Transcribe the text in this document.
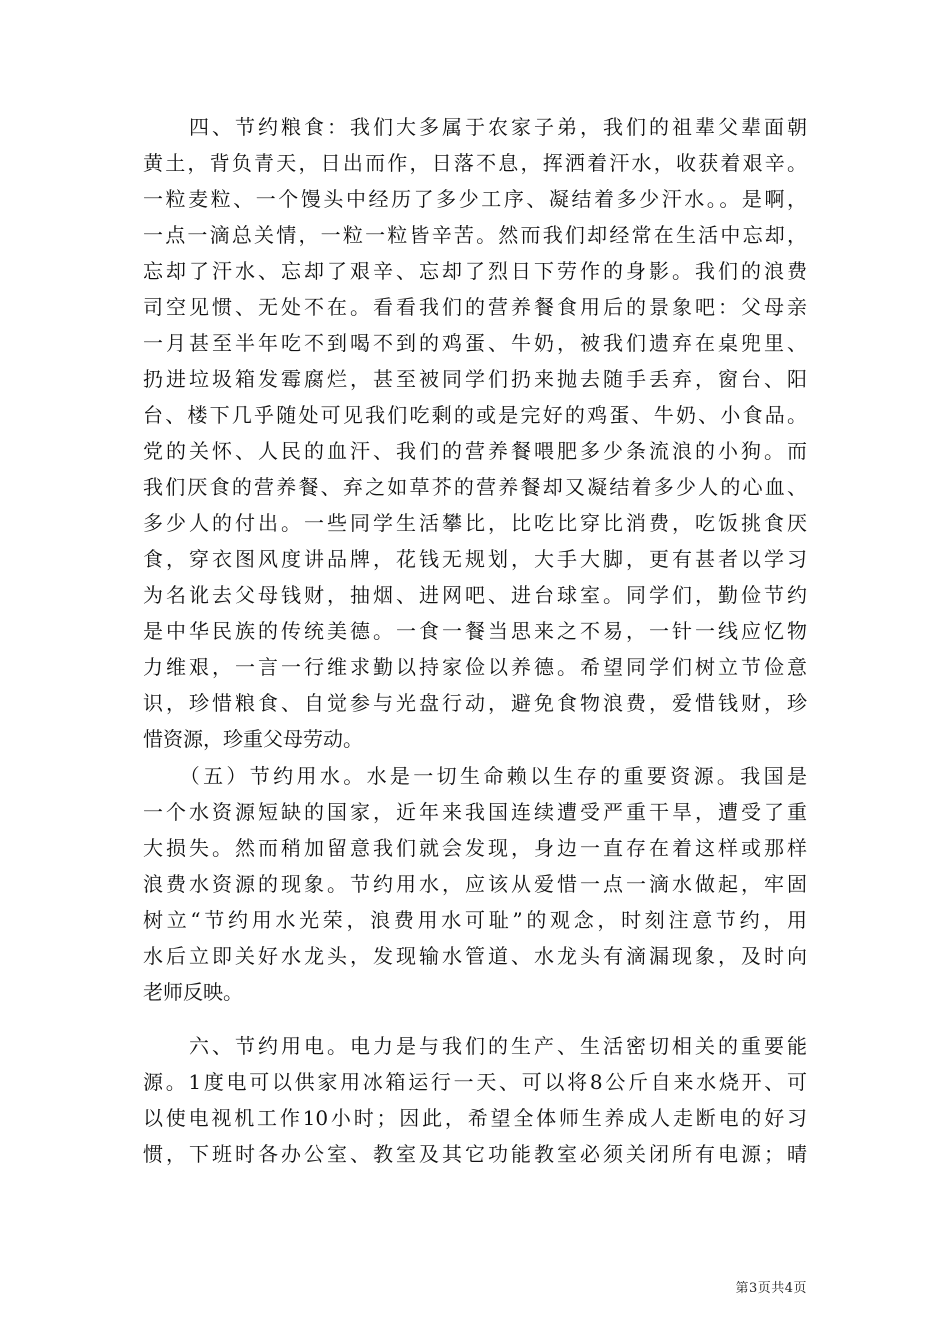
　　四、节约粮食：我们大多属于农家子弟，我们的祖辈父辈面朝
黄土，背负青天，日出而作，日落不息，挥洒着汗水，收获着艰辛。
一粒麦粒、一个馒头中经历了多少工序、凝结着多少汗水。。是啊，
一点一滴总关情，一粒一粒皆辛苦。然而我们却经常在生活中忘却，
忘却了汗水、忘却了艰辛、忘却了烈日下劳作的身影。我们的浪费
司空见惯、无处不在。看看我们的营养餐食用后的景象吧：父母亲
一月甚至半年吃不到喝不到的鸡蛋、牛奶，被我们遗弃在桌兜里、
扔进垃圾箱发霉腐烂，甚至被同学们扔来抛去随手丢弃，窗台、阳
台、楼下几乎随处可见我们吃剩的或是完好的鸡蛋、牛奶、小食品。
党的关怀、人民的血汗、我们的营养餐喂肥多少条流浪的小狗。而
我们厌食的营养餐、弃之如草芥的营养餐却又凝结着多少人的心血、
多少人的付出。一些同学生活攀比，比吃比穿比消费，吃饭挑食厌
食，穿衣图风度讲品牌，花钱无规划，大手大脚，更有甚者以学习
为名讹去父母钱财，抽烟、进网吧、进台球室。同学们，勤俭节约
是中华民族的传统美德。一食一餐当思来之不易，一针一线应忆物
力维艰，一言一行维求勤以持家俭以养德。希望同学们树立节俭意
识，珍惜粮食、自觉参与光盘行动，避免食物浪费，爱惜钱财，珍
惜资源，珍重父母劳动。
　　（五）节约用水。水是一切生命赖以生存的重要资源。我国是
一个水资源短缺的国家，近年来我国连续遭受严重干旱，遭受了重
大损失。然而稍加留意我们就会发现，身边一直存在着这样或那样
浪费水资源的现象。节约用水，应该从爱惜一点一滴水做起，牢固
树立“节约用水光荣，浪费用水可耻”的观念，时刻注意节约，用
水后立即关好水龙头，发现输水管道、水龙头有滴漏现象，及时向
老师反映。
　　六、节约用电。电力是与我们的生产、生活密切相关的重要能
源。1度电可以供家用冰箱运行一天、可以将8公斤自来水烧开、可
以使电视机工作10小时；因此，希望全体师生养成人走断电的好习
惯，下班时各办公室、教室及其它功能教室必须关闭所有电源；晴
第3页共4页
